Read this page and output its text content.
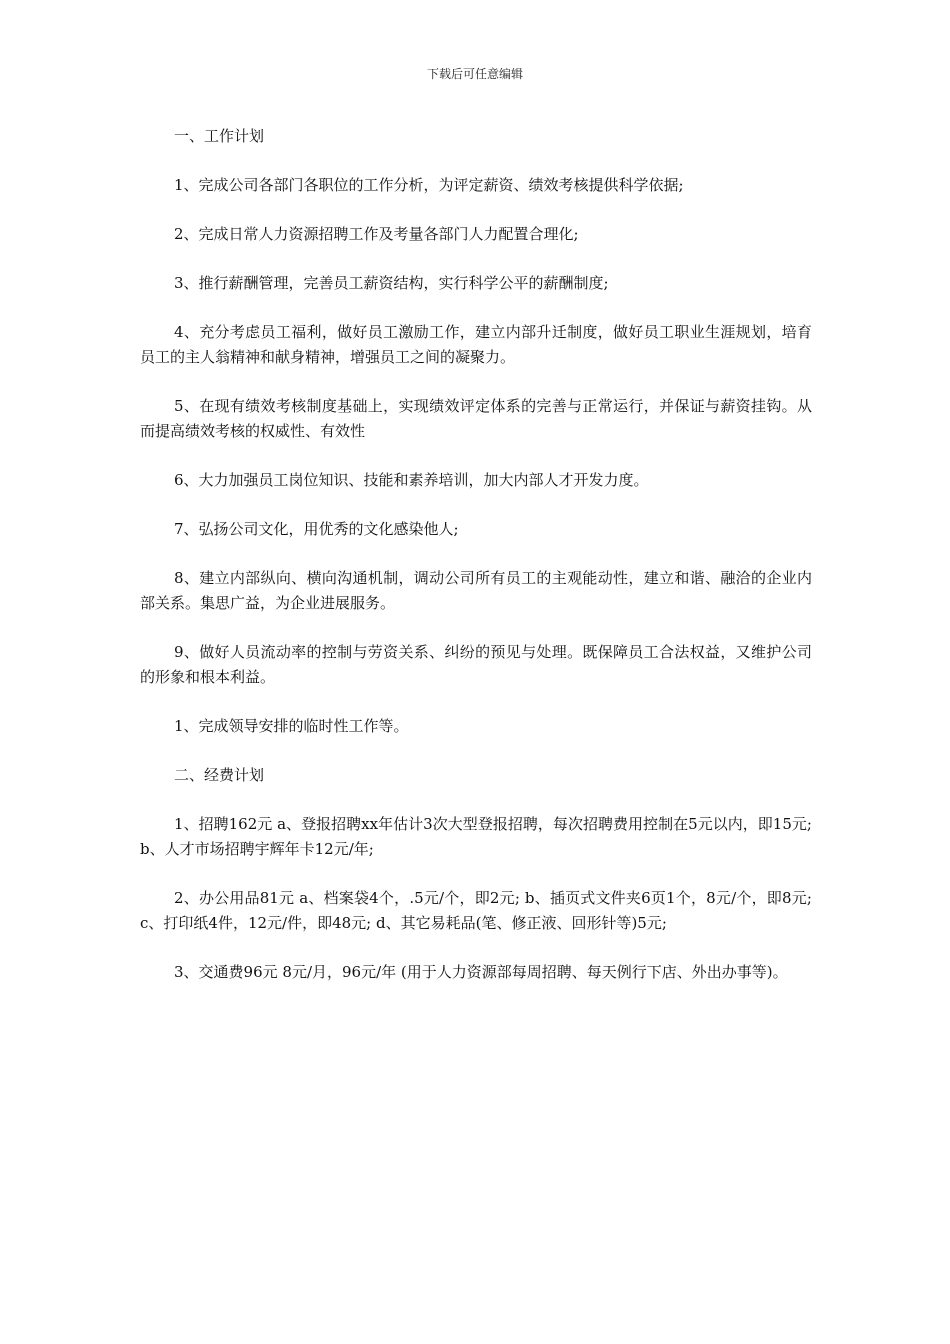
下载后可任意编辑

一、工作计划

1、完成公司各部门各职位的工作分析，为评定薪资、绩效考核提供科学依据;

2、完成日常人力资源招聘工作及考量各部门人力配置合理化;

3、推行薪酬管理，完善员工薪资结构，实行科学公平的薪酬制度;

4、充分考虑员工福利，做好员工激励工作，建立内部升迁制度，做好员工职业生涯规划，培育员工的主人翁精神和献身精神，增强员工之间的凝聚力。

5、在现有绩效考核制度基础上，实现绩效评定体系的完善与正常运行，并保证与薪资挂钩。从而提高绩效考核的权威性、有效性

6、大力加强员工岗位知识、技能和素养培训，加大内部人才开发力度。

7、弘扬公司文化，用优秀的文化感染他人;

8、建立内部纵向、横向沟通机制，调动公司所有员工的主观能动性，建立和谐、融洽的企业内部关系。集思广益，为企业进展服务。

9、做好人员流动率的控制与劳资关系、纠纷的预见与处理。既保障员工合法权益，又维护公司的形象和根本利益。

1、完成领导安排的临时性工作等。

二、经费计划

1、招聘162元 a、登报招聘xx年估计3次大型登报招聘，每次招聘费用控制在5元以内，即15元; b、人才市场招聘宇辉年卡12元/年;

2、办公用品81元 a、档案袋4个，.5元/个，即2元; b、插页式文件夹6页1个，8元/个，即8元; c、打印纸4件，12元/件，即48元; d、其它易耗品(笔、修正液、回形针等)5元;

3、交通费96元 8元/月，96元/年 (用于人力资源部每周招聘、每天例行下店、外出办事等)。
